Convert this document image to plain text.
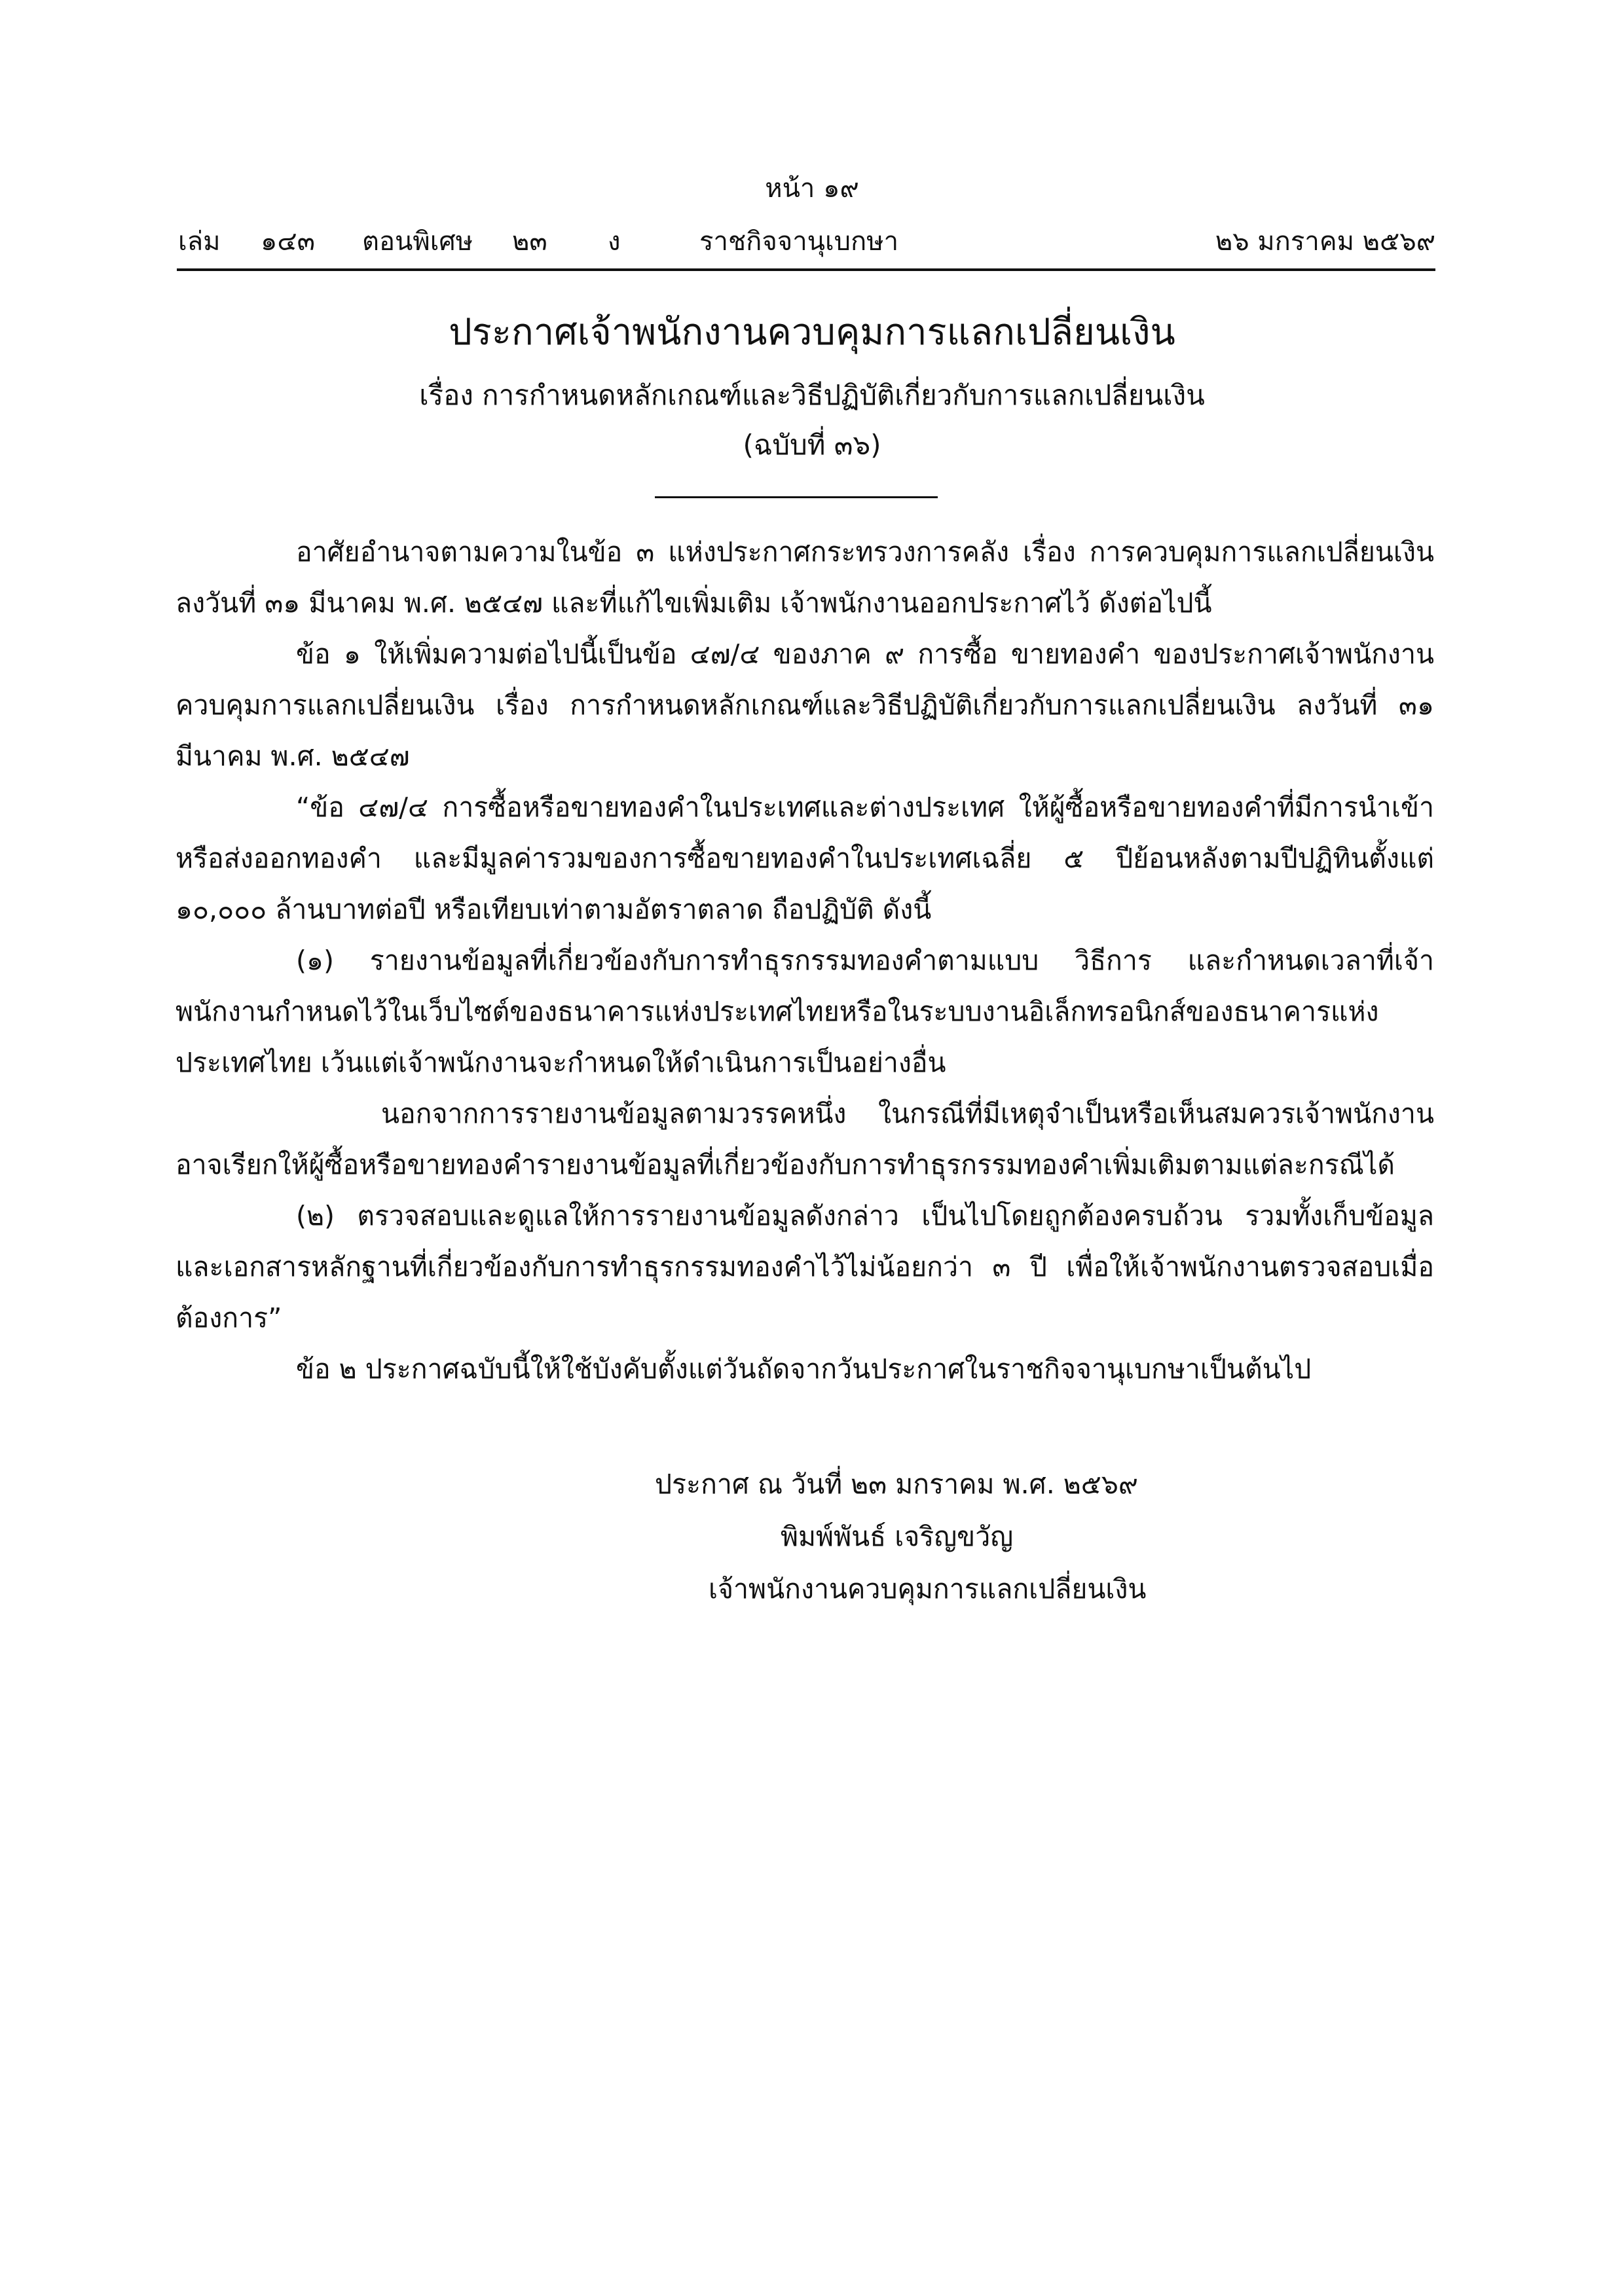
หน้า ๑๙
เล่ม ๑๔๓ ตอนพิเศษ ๒๓ ง	ราชกิจจานุเบกษา	๒๖ มกราคม ๒๕๖๙
ประกาศเจ้าพนักงานควบคุมการแลกเปลี่ยนเงิน
เรื่อง การกำหนดหลักเกณฑ์และวิธีปฏิบัติเกี่ยวกับการแลกเปลี่ยนเงิน
(ฉบับที่ ๓๖)
อาศัยอำนาจตามความในข้อ ๓ แห่งประกาศกระทรวงการคลัง เรื่อง การควบคุมการแลกเปลี่ยนเงิน ลงวันที่ ๓๑ มีนาคม พ.ศ. ๒๕๔๗ และที่แก้ไขเพิ่มเติม เจ้าพนักงานออกประกาศไว้ ดังต่อไปนี้
ข้อ ๑ ให้เพิ่มความต่อไปนี้เป็นข้อ ๔๗/๔ ของภาค ๙ การซื้อ ขายทองคำ ของประกาศเจ้าพนักงานควบคุมการแลกเปลี่ยนเงิน เรื่อง การกำหนดหลักเกณฑ์และวิธีปฏิบัติเกี่ยวกับการแลกเปลี่ยนเงิน ลงวันที่ ๓๑ มีนาคม พ.ศ. ๒๕๔๗
“ข้อ ๔๗/๔ การซื้อหรือขายทองคำในประเทศและต่างประเทศ ให้ผู้ซื้อหรือขายทองคำที่มีการนำเข้าหรือส่งออกทองคำ และมีมูลค่ารวมของการซื้อขายทองคำในประเทศเฉลี่ย ๕ ปีย้อนหลังตามปีปฏิทินตั้งแต่ ๑๐,๐๐๐ ล้านบาทต่อปี หรือเทียบเท่าตามอัตราตลาด ถือปฏิบัติ ดังนี้
(๑) รายงานข้อมูลที่เกี่ยวข้องกับการทำธุรกรรมทองคำตามแบบ วิธีการ และกำหนดเวลาที่เจ้าพนักงานกำหนดไว้ในเว็บไซต์ของธนาคารแห่งประเทศไทยหรือในระบบงานอิเล็กทรอนิกส์ของธนาคารแห่งประเทศไทย เว้นแต่เจ้าพนักงานจะกำหนดให้ดำเนินการเป็นอย่างอื่น
นอกจากการรายงานข้อมูลตามวรรคหนึ่ง ในกรณีที่มีเหตุจำเป็นหรือเห็นสมควรเจ้าพนักงานอาจเรียกให้ผู้ซื้อหรือขายทองคำรายงานข้อมูลที่เกี่ยวข้องกับการทำธุรกรรมทองคำเพิ่มเติมตามแต่ละกรณีได้
(๒) ตรวจสอบและดูแลให้การรายงานข้อมูลดังกล่าว เป็นไปโดยถูกต้องครบถ้วน รวมทั้งเก็บข้อมูลและเอกสารหลักฐานที่เกี่ยวข้องกับการทำธุรกรรมทองคำไว้ไม่น้อยกว่า ๓ ปี เพื่อให้เจ้าพนักงานตรวจสอบเมื่อต้องการ”
ข้อ ๒ ประกาศฉบับนี้ให้ใช้บังคับตั้งแต่วันถัดจากวันประกาศในราชกิจจานุเบกษาเป็นต้นไป
ประกาศ ณ วันที่ ๒๓ มกราคม พ.ศ. ๒๕๖๙
พิมพ์พันธ์ เจริญขวัญ
เจ้าพนักงานควบคุมการแลกเปลี่ยนเงิน
